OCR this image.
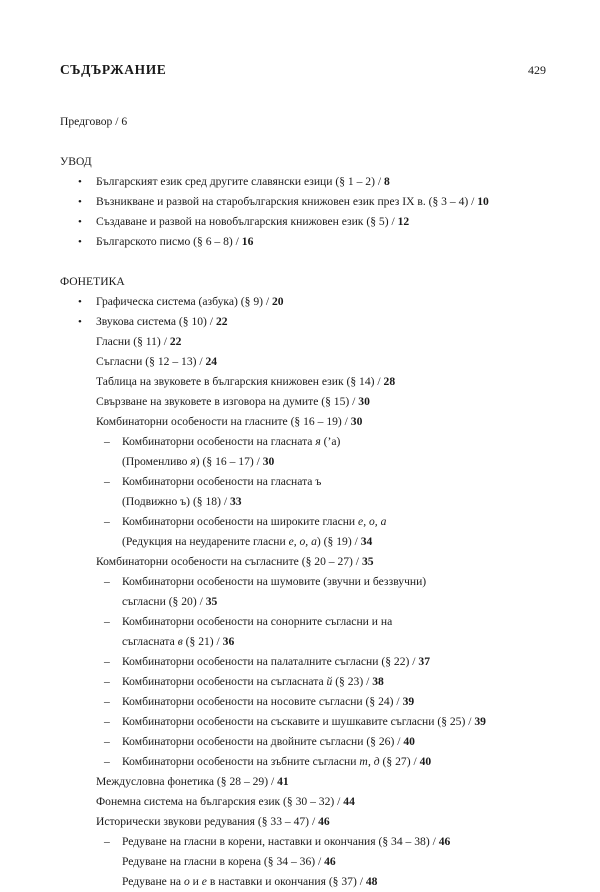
СЪДЪРЖАНИЕ	429
Предговор / 6
УВОД
• Българският език сред другите славянски езици (§ 1 – 2) / 8
• Възникване и развой на старобългарския книжовен език през IX в. (§ 3 – 4) / 10
• Създаване и развой на новобългарския книжовен език (§ 5) / 12
• Българското писмо (§ 6 – 8) / 16
ФОНЕТИКА
• Графическа система (азбука) (§ 9) / 20
• Звукова система (§ 10) / 22
Гласни (§ 11) / 22
Съгласни (§ 12 – 13) / 24
Таблица на звуковете в българския книжовен език (§ 14) / 28
Свързване на звуковете в изговора на думите (§ 15) / 30
Комбинаторни особености на гласните (§ 16 – 19) / 30
– Комбинаторни особености на гласната я (’а)
(Променливо я) (§ 16 – 17) / 30
– Комбинаторни особености на гласната ъ
(Подвижно ъ) (§ 18) / 33
– Комбинаторни особености на широките гласни е, о, а
(Редукция на неударените гласни е, о, а) (§ 19) / 34
Комбинаторни особености на съгласните (§ 20 – 27) / 35
– Комбинаторни особености на шумовите (звучни и беззвучни)
съгласни (§ 20) / 35
– Комбинаторни особености на сонорните съгласни и на
съгласната в (§ 21) / 36
– Комбинаторни особености на палаталните съгласни (§ 22) / 37
– Комбинаторни особености на съгласната й (§ 23) / 38
– Комбинаторни особености на носовите съгласни (§ 24) / 39
– Комбинаторни особености на съскавите и шушкавите съгласни (§ 25) / 39
– Комбинаторни особености на двойните съгласни (§ 26) / 40
– Комбинаторни особености на зъбните съгласни т, д (§ 27) / 40
Междусловна фонетика (§ 28 – 29) / 41
Фонемна система на българския език (§ 30 – 32) / 44
Исторически звукови редувания (§ 33 – 47) / 46
– Редуване на гласни в корени, наставки и окончания (§ 34 – 38) / 46
Редуване на гласни в корена (§ 34 – 36) / 46
Редуване на о и е в наставки и окончания (§ 37) / 48
